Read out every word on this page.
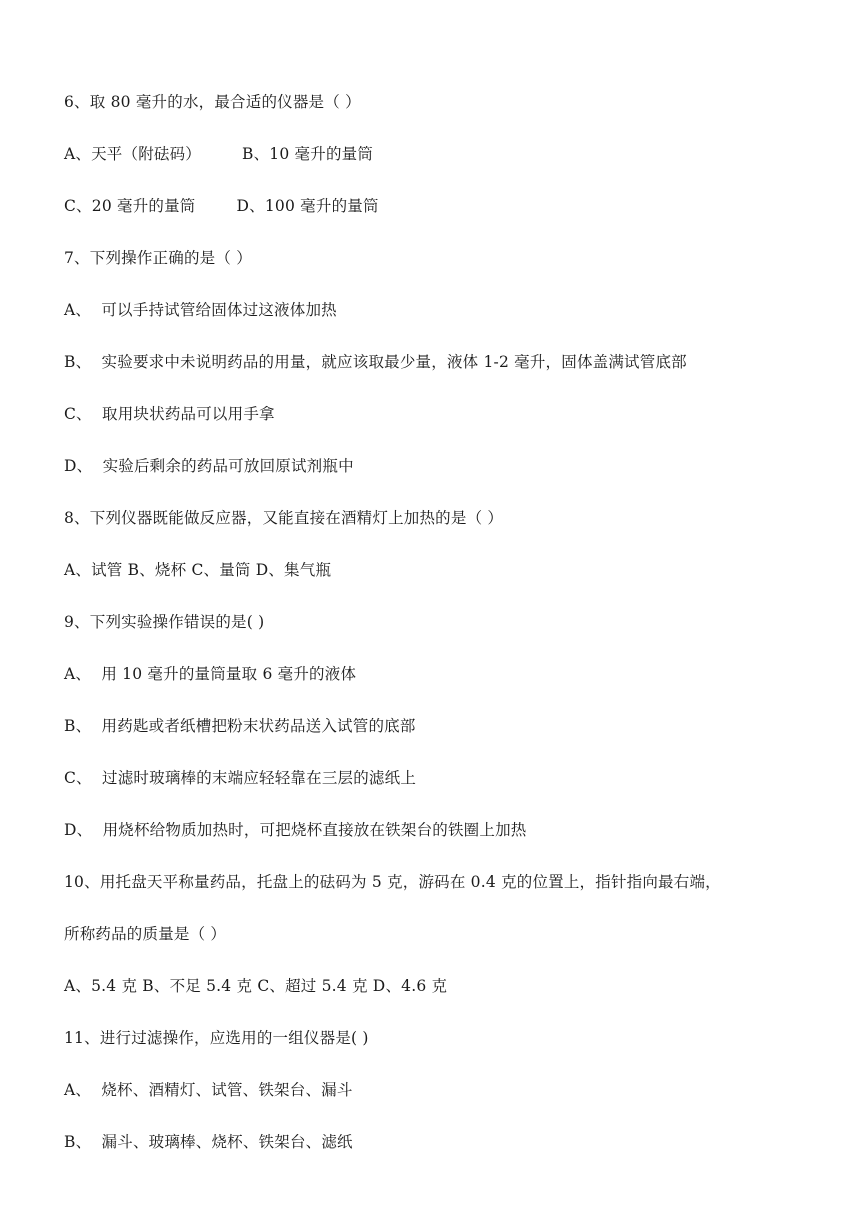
6、取 80 毫升的水，最合适的仪器是（ ）
A、天平（附砝码）        B、10 毫升的量筒
C、20 毫升的量筒        D、100 毫升的量筒
7、下列操作正确的是（ ）
A、  可以手持试管给固体过这液体加热
B、  实验要求中未说明药品的用量，就应该取最少量，液体 1-2 毫升，固体盖满试管底部
C、  取用块状药品可以用手拿
D、  实验后剩余的药品可放回原试剂瓶中
8、下列仪器既能做反应器，又能直接在酒精灯上加热的是（ ）
A、试管 B、烧杯 C、量筒 D、集气瓶
9、下列实验操作错误的是( )
A、  用 10 毫升的量筒量取 6 毫升的液体
B、  用药匙或者纸槽把粉末状药品送入试管的底部
C、  过滤时玻璃棒的末端应轻轻靠在三层的滤纸上
D、  用烧杯给物质加热时，可把烧杯直接放在铁架台的铁圈上加热
10、用托盘天平称量药品，托盘上的砝码为 5 克，游码在 0.4 克的位置上，指针指向最右端，
所称药品的质量是（ ）
A、5.4 克 B、不足 5.4 克 C、超过 5.4 克 D、4.6 克
11、进行过滤操作，应选用的一组仪器是( )
A、  烧杯、酒精灯、试管、铁架台、漏斗
B、  漏斗、玻璃棒、烧杯、铁架台、滤纸
